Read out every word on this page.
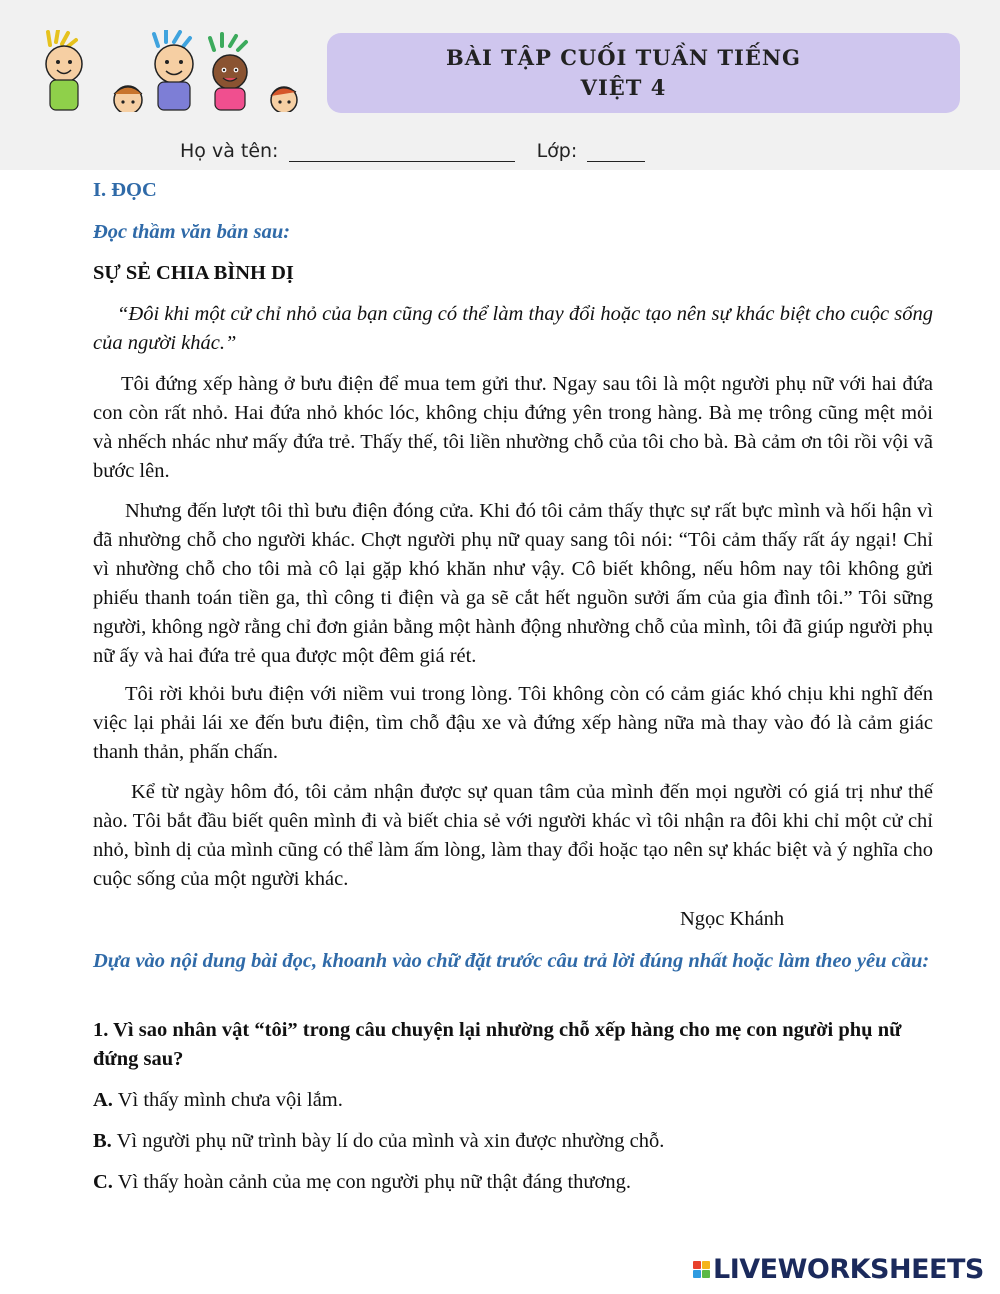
BÀI TẬP CUỐI TUẦN TIẾNG
VIỆT 4
Họ và tên:	Lớp:

I. ĐỌC

Đọc thầm văn bản sau:

SỰ SẺ CHIA BÌNH DỊ

“Đôi khi một cử chỉ nhỏ của bạn cũng có thể làm thay đổi hoặc tạo nên sự khác biệt cho cuộc sống của người khác.”

Tôi đứng xếp hàng ở bưu điện để mua tem gửi thư. Ngay sau tôi là một người phụ nữ với hai đứa con còn rất nhỏ. Hai đứa nhỏ khóc lóc, không chịu đứng yên trong hàng. Bà mẹ trông cũng mệt mỏi và nhếch nhác như mấy đứa trẻ. Thấy thế, tôi liền nhường chỗ của tôi cho bà. Bà cảm ơn tôi rồi vội vã bước lên.

Nhưng đến lượt tôi thì bưu điện đóng cửa. Khi đó tôi cảm thấy thực sự rất bực mình và hối hận vì đã nhường chỗ cho người khác. Chợt người phụ nữ quay sang tôi nói: “Tôi cảm thấy rất áy ngại! Chỉ vì nhường chỗ cho tôi mà cô lại gặp khó khăn như vậy. Cô biết không, nếu hôm nay tôi không gửi phiếu thanh toán tiền ga, thì công ti điện và ga sẽ cắt hết nguồn sưởi ấm của gia đình tôi.” Tôi sững người, không ngờ rằng chỉ đơn giản bằng một hành động nhường chỗ của mình, tôi đã giúp người phụ nữ ấy và hai đứa trẻ qua được một đêm giá rét.

Tôi rời khỏi bưu điện với niềm vui trong lòng. Tôi không còn có cảm giác khó chịu khi nghĩ đến việc lại phải lái xe đến bưu điện, tìm chỗ đậu xe và đứng xếp hàng nữa mà thay vào đó là cảm giác thanh thản, phấn chấn.

Kể từ ngày hôm đó, tôi cảm nhận được sự quan tâm của mình đến mọi người có giá trị như thế nào. Tôi bắt đầu biết quên mình đi và biết chia sẻ với người khác vì tôi nhận ra đôi khi chỉ một cử chỉ nhỏ, bình dị của mình cũng có thể làm ấm lòng, làm thay đổi hoặc tạo nên sự khác biệt và ý nghĩa cho cuộc sống của một người khác.

Ngọc Khánh

Dựa vào nội dung bài đọc, khoanh vào chữ đặt trước câu trả lời đúng nhất hoặc làm theo yêu cầu:

1. Vì sao nhân vật “tôi” trong câu chuyện lại nhường chỗ xếp hàng cho mẹ con người phụ nữ đứng sau?

A. Vì thấy mình chưa vội lắm.

B. Vì người phụ nữ trình bày lí do của mình và xin được nhường chỗ.

C. Vì thấy hoàn cảnh của mẹ con người phụ nữ thật đáng thương.

LIVEWORKSHEETS
